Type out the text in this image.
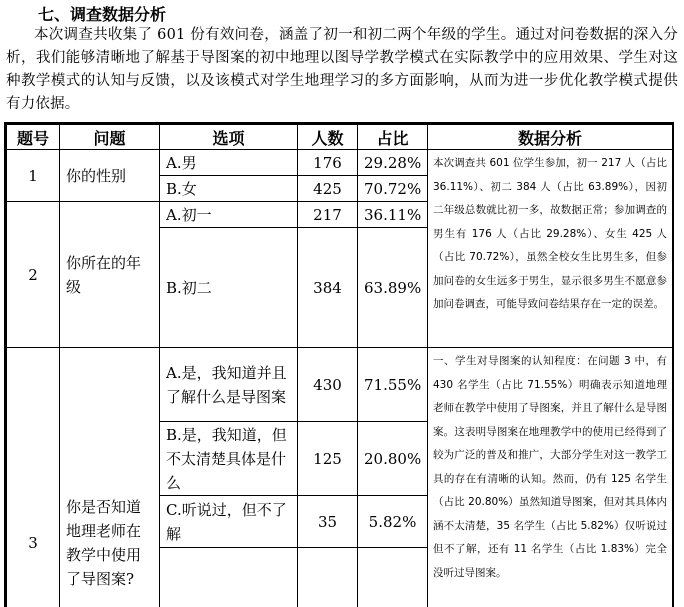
七、调查数据分析
本次调查共收集了 601 份有效问卷，涵盖了初一和初二两个年级的学生。通过对问卷数据的深入分析，我们能够清晰地了解基于导图案的初中地理以图导学教学模式在实际教学中的应用效果、学生对这种教学模式的认知与反馈，以及该模式对学生地理学习的多方面影响，从而为进一步优化教学模式提供有力依据。
题号	问题	选项	人数	占比	数据分析
1	你的性别	A.男	176	29.28%	本次调查共 601 位学生参加，初一 217 人（占比 36.11%）、初二 384 人（占比 63.89%），因初二年级总数就比初一多，故数据正常；参加调查的男生有 176 人（占比 29.28%）、女生 425 人（占比 70.72%），虽然全校女生比男生多，但参加问卷的女生远多于男生，显示很多男生不愿意参加问卷调查，可能导致问卷结果存在一定的误差。
		B.女	425	70.72%	
2	你所在的年级	A.初一	217	36.11%	
		B.初二	384	63.89%	
3	你是否知道地理老师在教学中使用了导图案?	A.是，我知道并且了解什么是导图案	430	71.55%	一、学生对导图案的认知程度：在问题 3 中，有 430 名学生（占比 71.55%）明确表示知道地理老师在教学中使用了导图案，并且了解什么是导图案。这表明导图案在地理教学中的使用已经得到了较为广泛的普及和推广，大部分学生对这一教学工具的存在有清晰的认知。然而，仍有 125 名学生（占比 20.80%）虽然知道导图案，但对其具体内涵不太清楚，35 名学生（占比 5.82%）仅听说过但不了解，还有 11 名学生（占比 1.83%）完全没听过导图案。
		B.是，我知道，但不太清楚具体是什么	125	20.80%	
		C.听说过，但不了解	35	5.82%	
